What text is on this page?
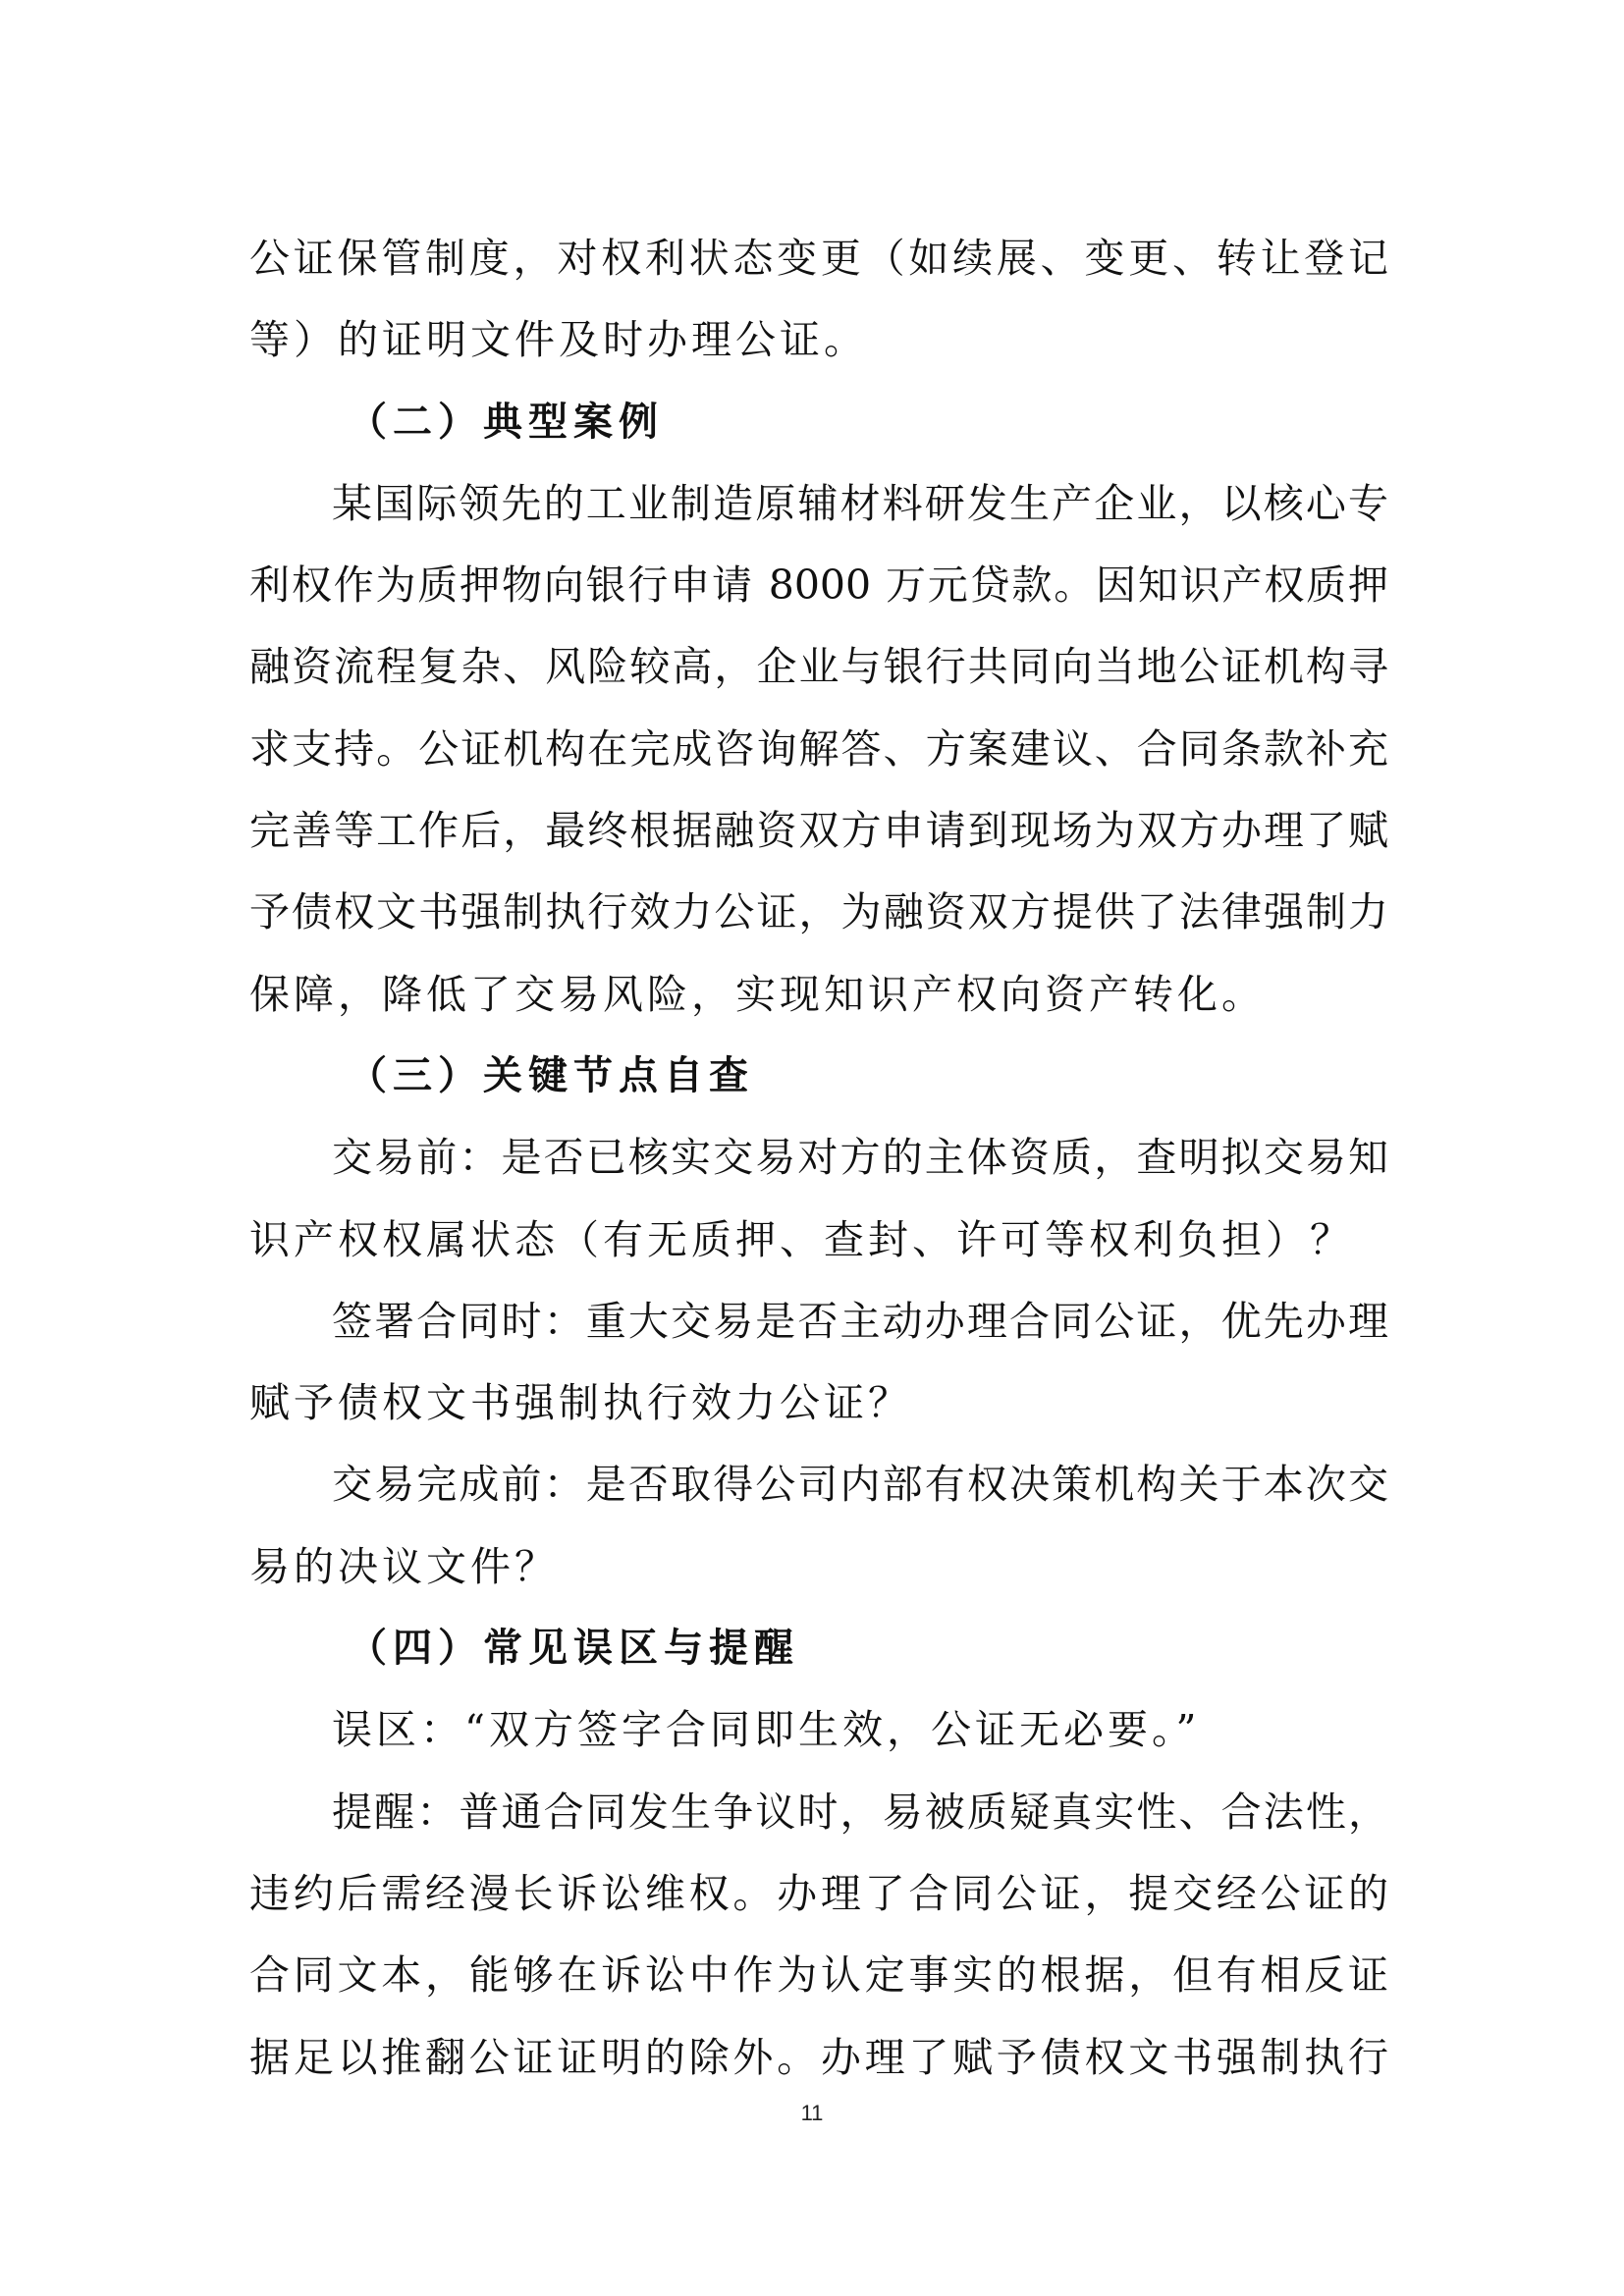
公证保管制度，对权利状态变更（如续展、变更、转让登记
等）的证明文件及时办理公证。
（二）典型案例
某国际领先的工业制造原辅材料研发生产企业，以核心专
利权作为质押物向银行申请 8000 万元贷款。因知识产权质押
融资流程复杂、风险较高，企业与银行共同向当地公证机构寻
求支持。公证机构在完成咨询解答、方案建议、合同条款补充
完善等工作后，最终根据融资双方申请到现场为双方办理了赋
予债权文书强制执行效力公证，为融资双方提供了法律强制力
保障，降低了交易风险，实现知识产权向资产转化。
（三）关键节点自查
交易前：是否已核实交易对方的主体资质，查明拟交易知
识产权权属状态（有无质押、查封、许可等权利负担）？
签署合同时：重大交易是否主动办理合同公证，优先办理
赋予债权文书强制执行效力公证？
交易完成前：是否取得公司内部有权决策机构关于本次交
易的决议文件？
（四）常见误区与提醒
误区：“双方签字合同即生效，公证无必要。”
提醒：普通合同发生争议时，易被质疑真实性、合法性，
违约后需经漫长诉讼维权。办理了合同公证，提交经公证的
合同文本，能够在诉讼中作为认定事实的根据，但有相反证
据足以推翻公证证明的除外。办理了赋予债权文书强制执行
11
